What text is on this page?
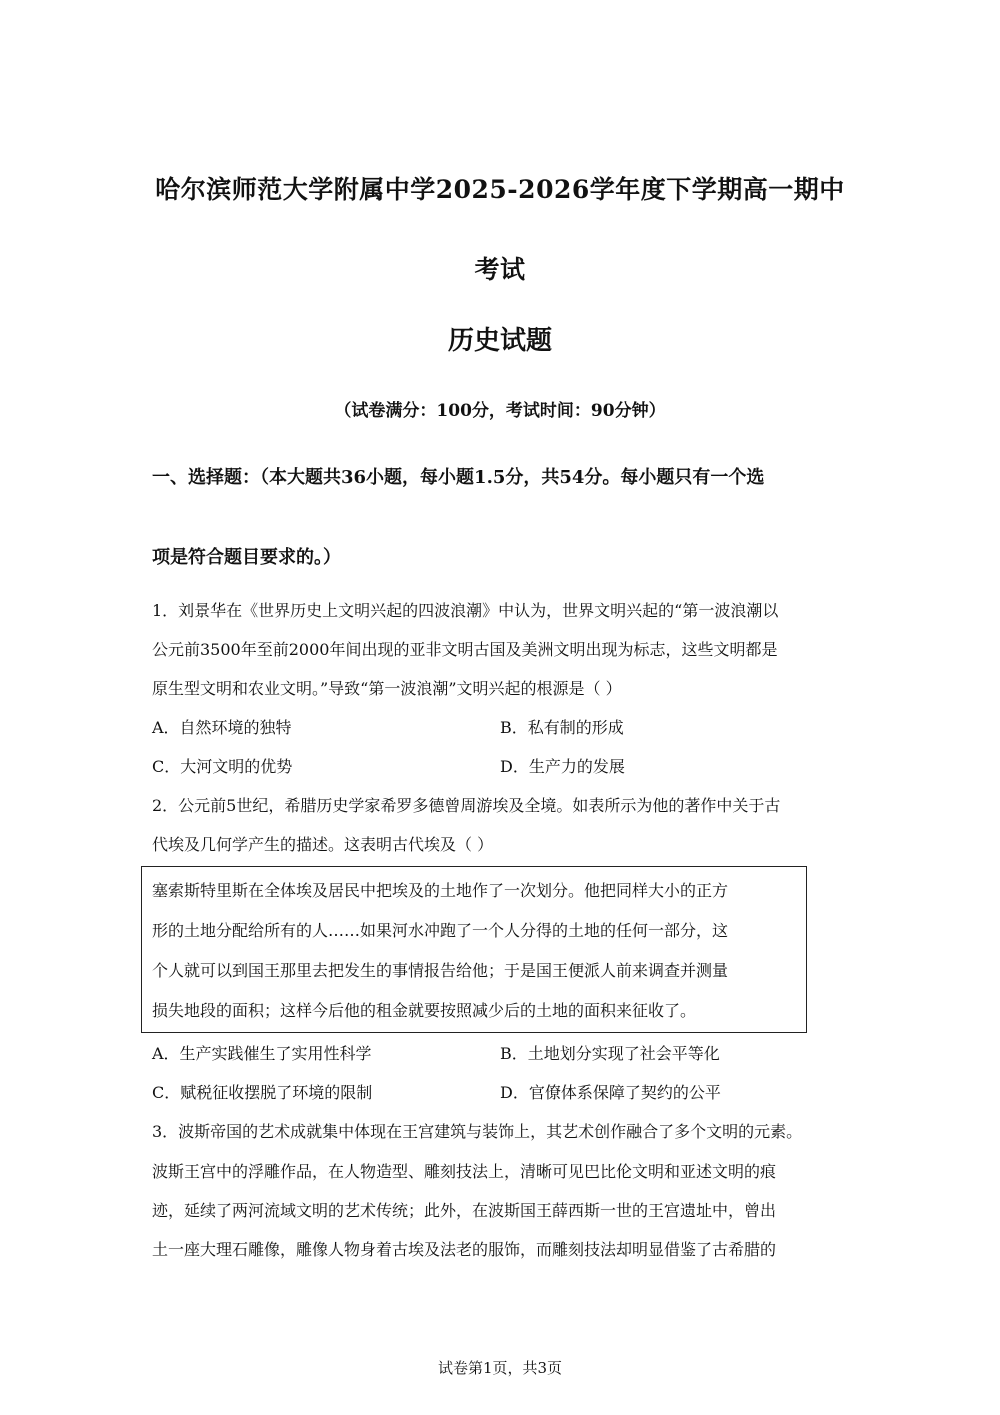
哈尔滨师范大学附属中学2025-2026学年度下学期高一期中
考试
历史试题
（试卷满分：100分，考试时间：90分钟）
一、选择题：（本大题共36小题，每小题1.5分，共54分。每小题只有一个选
项是符合题目要求的。）
1．刘景华在《世界历史上文明兴起的四波浪潮》中认为，世界文明兴起的“第一波浪潮以
公元前3500年至前2000年间出现的亚非文明古国及美洲文明出现为标志，这些文明都是
原生型文明和农业文明。”导致“第一波浪潮”文明兴起的根源是（ ）
A．自然环境的独特	B．私有制的形成
C．大河文明的优势	D．生产力的发展
2．公元前5世纪，希腊历史学家希罗多德曾周游埃及全境。如表所示为他的著作中关于古
代埃及几何学产生的描述。这表明古代埃及（ ）
塞索斯特里斯在全体埃及居民中把埃及的土地作了一次划分。他把同样大小的正方
形的土地分配给所有的人……如果河水冲跑了一个人分得的土地的任何一部分，这
个人就可以到国王那里去把发生的事情报告给他；于是国王便派人前来调查并测量
损失地段的面积；这样今后他的租金就要按照减少后的土地的面积来征收了。
A．生产实践催生了实用性科学	B．土地划分实现了社会平等化
C．赋税征收摆脱了环境的限制	D．官僚体系保障了契约的公平
3．波斯帝国的艺术成就集中体现在王宫建筑与装饰上，其艺术创作融合了多个文明的元素。
波斯王宫中的浮雕作品，在人物造型、雕刻技法上，清晰可见巴比伦文明和亚述文明的痕
迹，延续了两河流域文明的艺术传统；此外，在波斯国王薛西斯一世的王宫遗址中，曾出
土一座大理石雕像，雕像人物身着古埃及法老的服饰，而雕刻技法却明显借鉴了古希腊的
试卷第1页，共3页
